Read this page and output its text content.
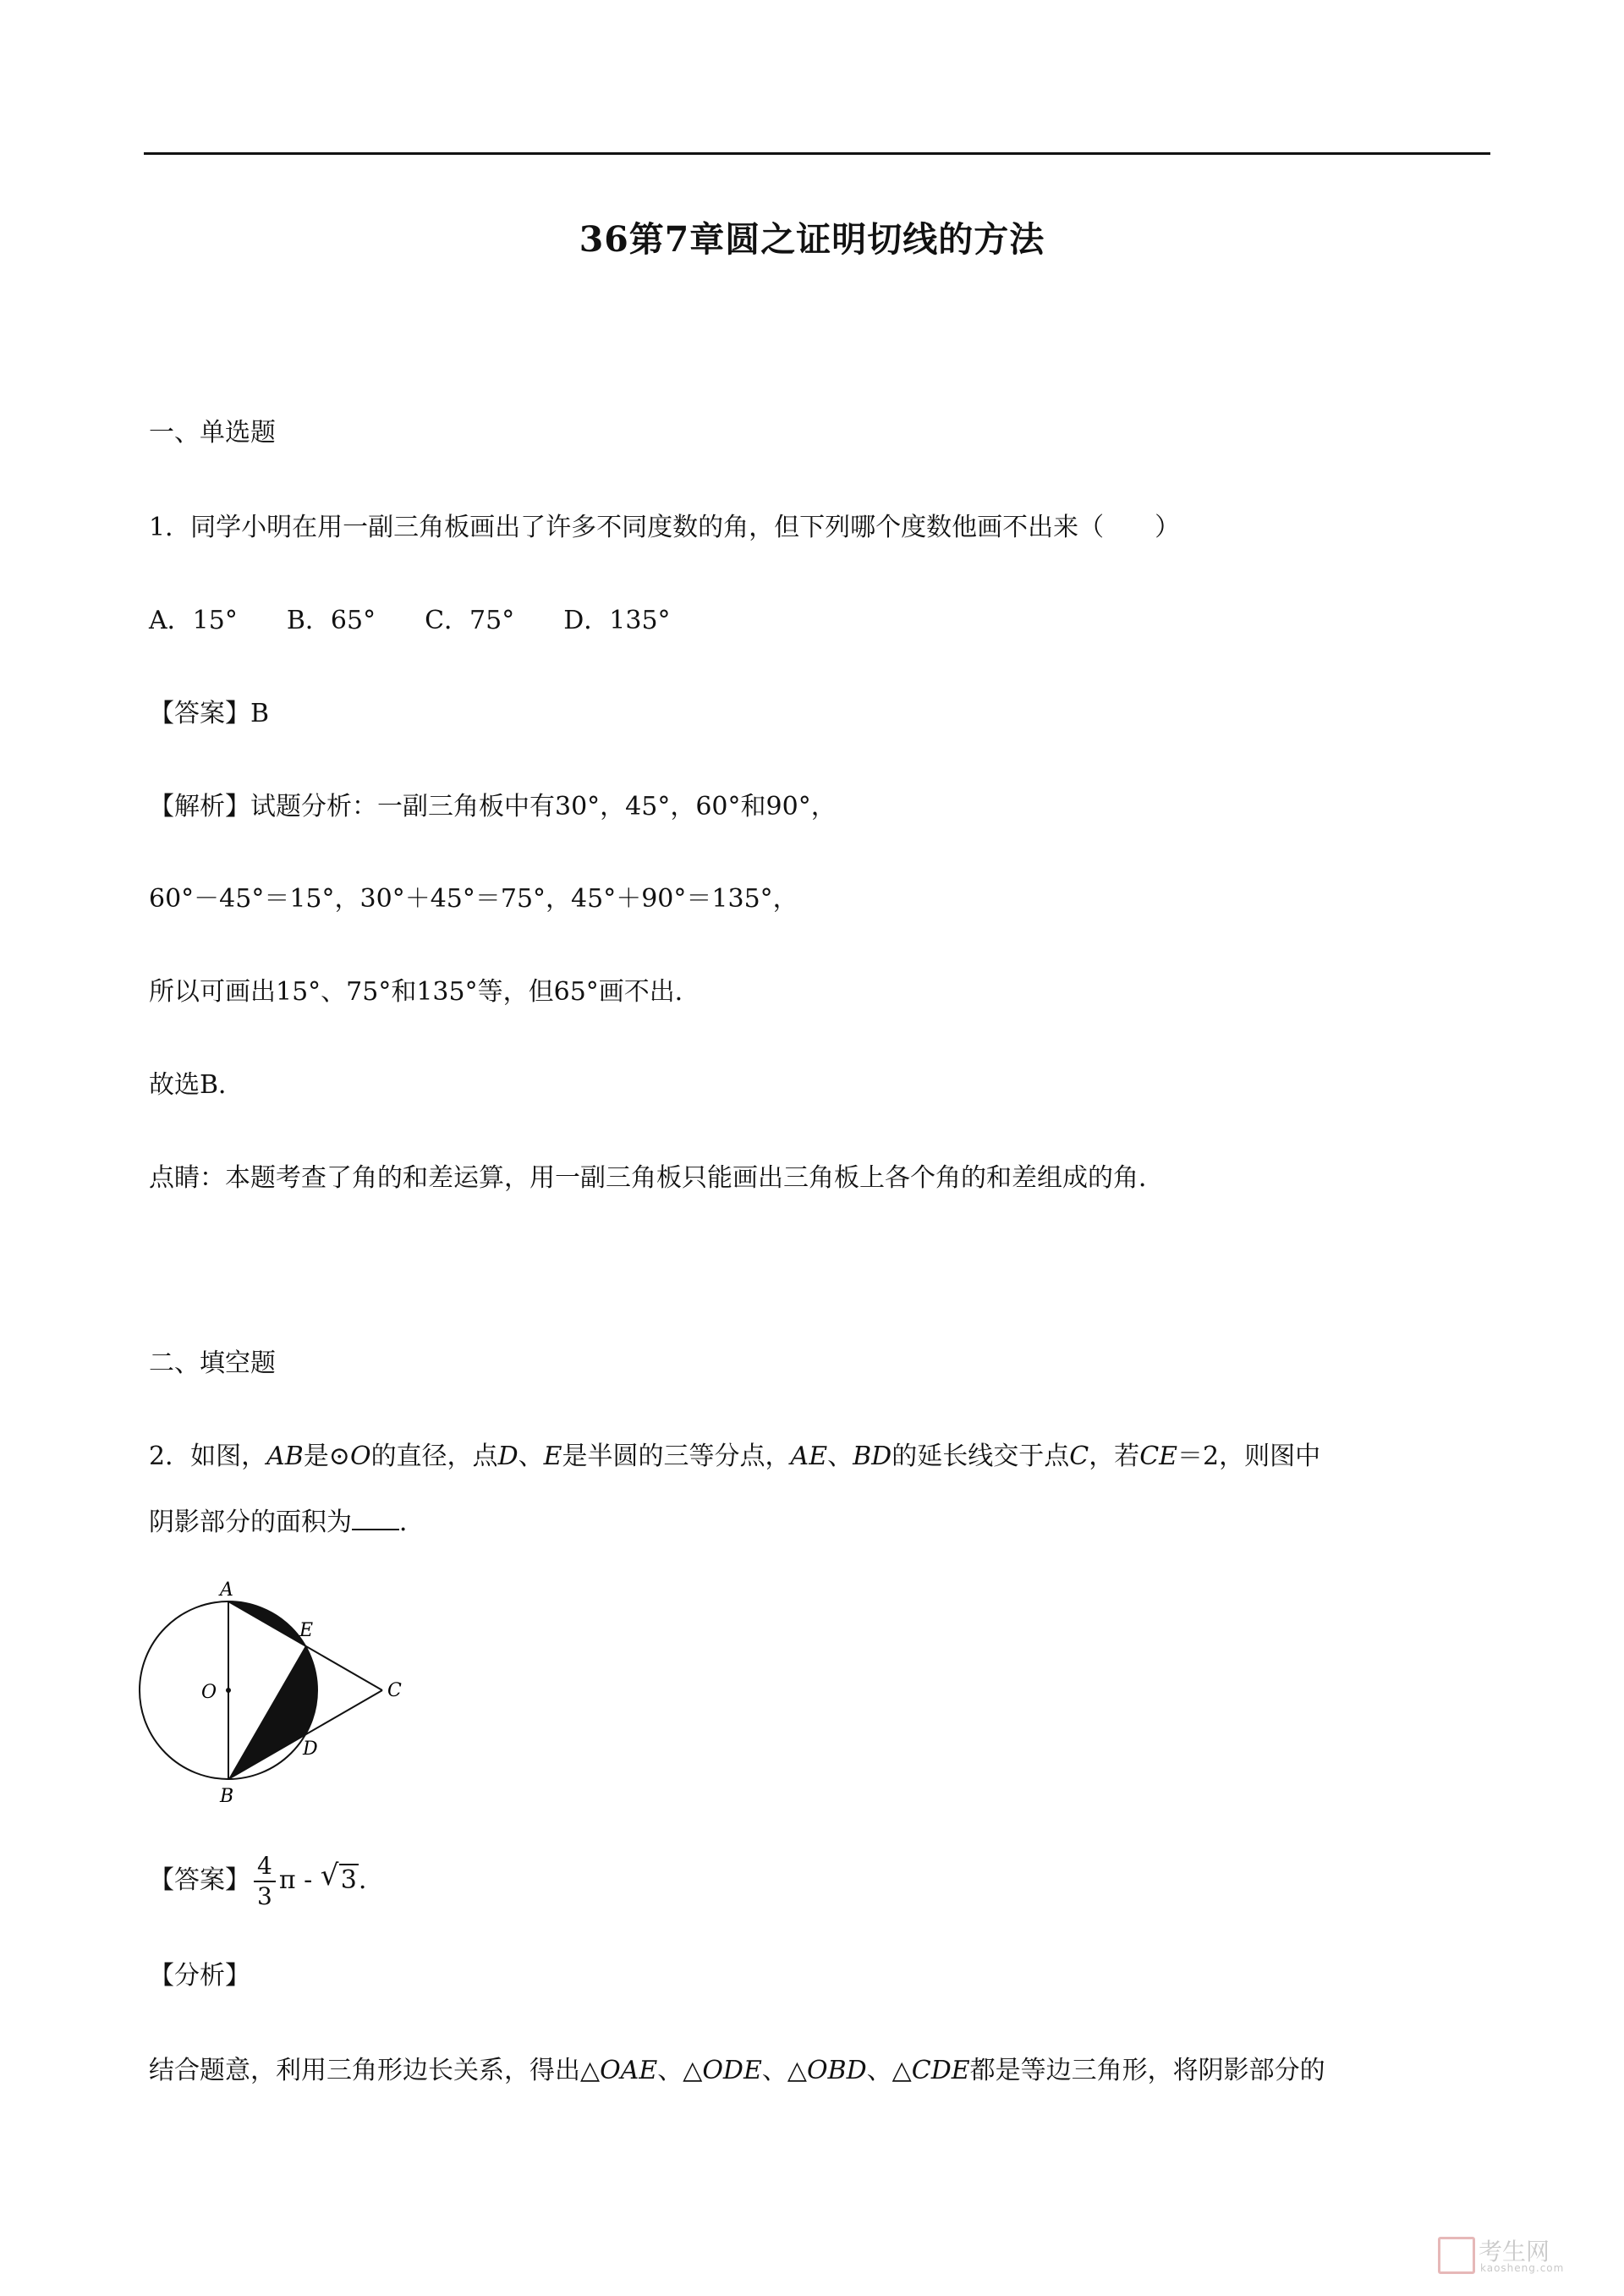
36第7章圆之证明切线的方法
一、单选题
1．同学小明在用一副三角板画出了许多不同度数的角，但下列哪个度数他画不出来（　　）
A．15° B．65° C．75° D．135°
【答案】B
【解析】试题分析：一副三角板中有30°，45°，60°和90°，
60°－45°＝15°，30°＋45°＝75°，45°＋90°＝135°，
所以可画出15°、75°和135°等，但65°画不出．
故选B．
点睛：本题考查了角的和差运算，用一副三角板只能画出三角板上各个角的和差组成的角．
二、填空题
2．如图，AB是⊙O的直径，点D、E是半圆的三等分点，AE、BD的延长线交于点C，若CE＝2，则图中
阴影部分的面积为 ．
A
E
O	C
D
B
【答案】 $\frac{4}{3}$ π - √ 3.
【分析】
结合题意，利用三角形边长关系，得出△OAE、△ODE、△OBD、△CDE都是等边三角形，将阴影部分的
考生网
kaosheng.com
